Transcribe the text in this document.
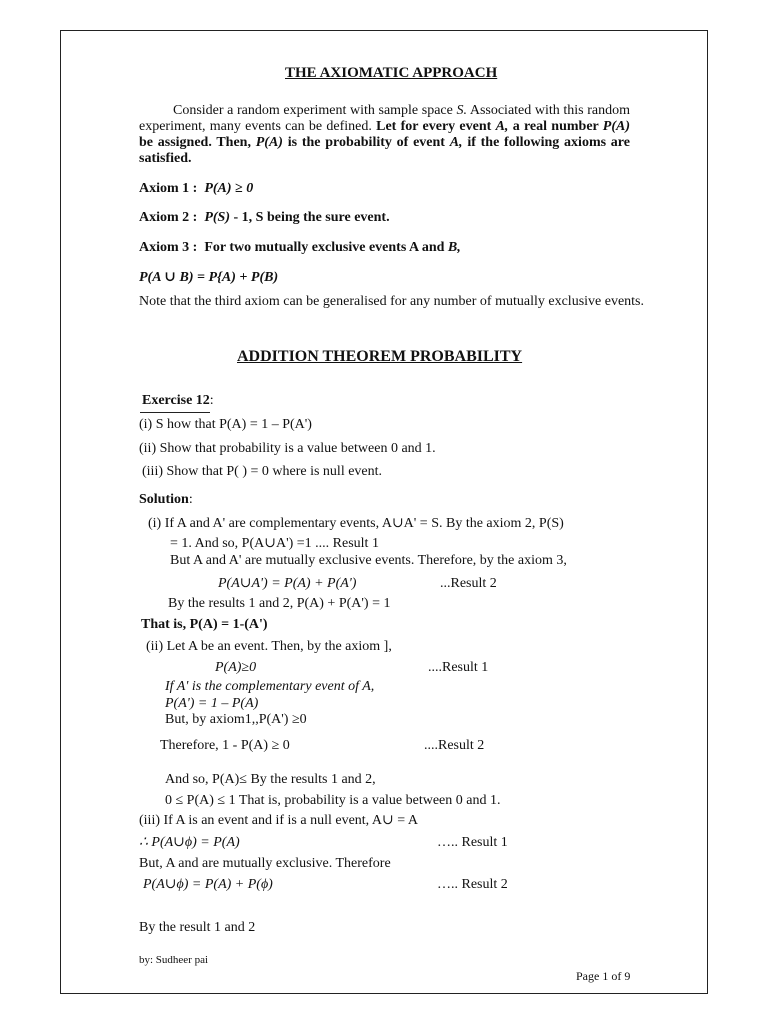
THE AXIOMATIC APPROACH
Consider a random experiment with sample space S. Associated with this random experiment, many events can be defined. Let for every event A, a real number P(A) be assigned. Then, P(A) is the probability of event A, if the following axioms are satisfied.
Axiom 1 : P(A) ≥ 0
Axiom 2 : P(S) - 1, S being the sure event.
Axiom 3 : For two mutually exclusive events A and B,
P(A ∪ B) = P{A) + P(B)
Note that the third axiom can be generalised for any number of mutually exclusive events.
ADDITION THEOREM PROBABILITY
Exercise 12:
(i) S how that P(A) = 1 – P(A')
(ii) Show that probability is a value between 0 and 1.
(iii) Show that P( ) = 0 where is null event.
Solution:
(i) If A and A' are complementary events, A∪A' = S. By the axiom 2, P(S)
= 1. And so, P(A∪A') =1 .... Result 1
But A and A' are mutually exclusive events. Therefore, by the axiom 3,
P(A∪A') = P(A) + P(A')	...Result 2
By the results 1 and 2, P(A) + P(A') = 1
That is, P(A) = 1-(A')
(ii) Let A be an event. Then, by the axiom ],
P(A)≥0	....Result 1
If A' is the complementary event of A,
P(A') = 1 – P(A)
But, by axiom1,,P(A') ≥0
Therefore, 1 - P(A) ≥ 0	....Result 2
And so, P(A)≤ By the results 1 and 2,
0 ≤ P(A) ≤ 1 That is, probability is a value between 0 and 1.
(iii) If A is an event and if is a null event, A∪ = A
∴ P(A∪ϕ) = P(A)	….. Result 1
But, A and are mutually exclusive. Therefore
P(A∪ϕ) = P(A) + P(ϕ)	….. Result 2
By the result 1 and 2
by: Sudheer pai
Page 1 of 9
